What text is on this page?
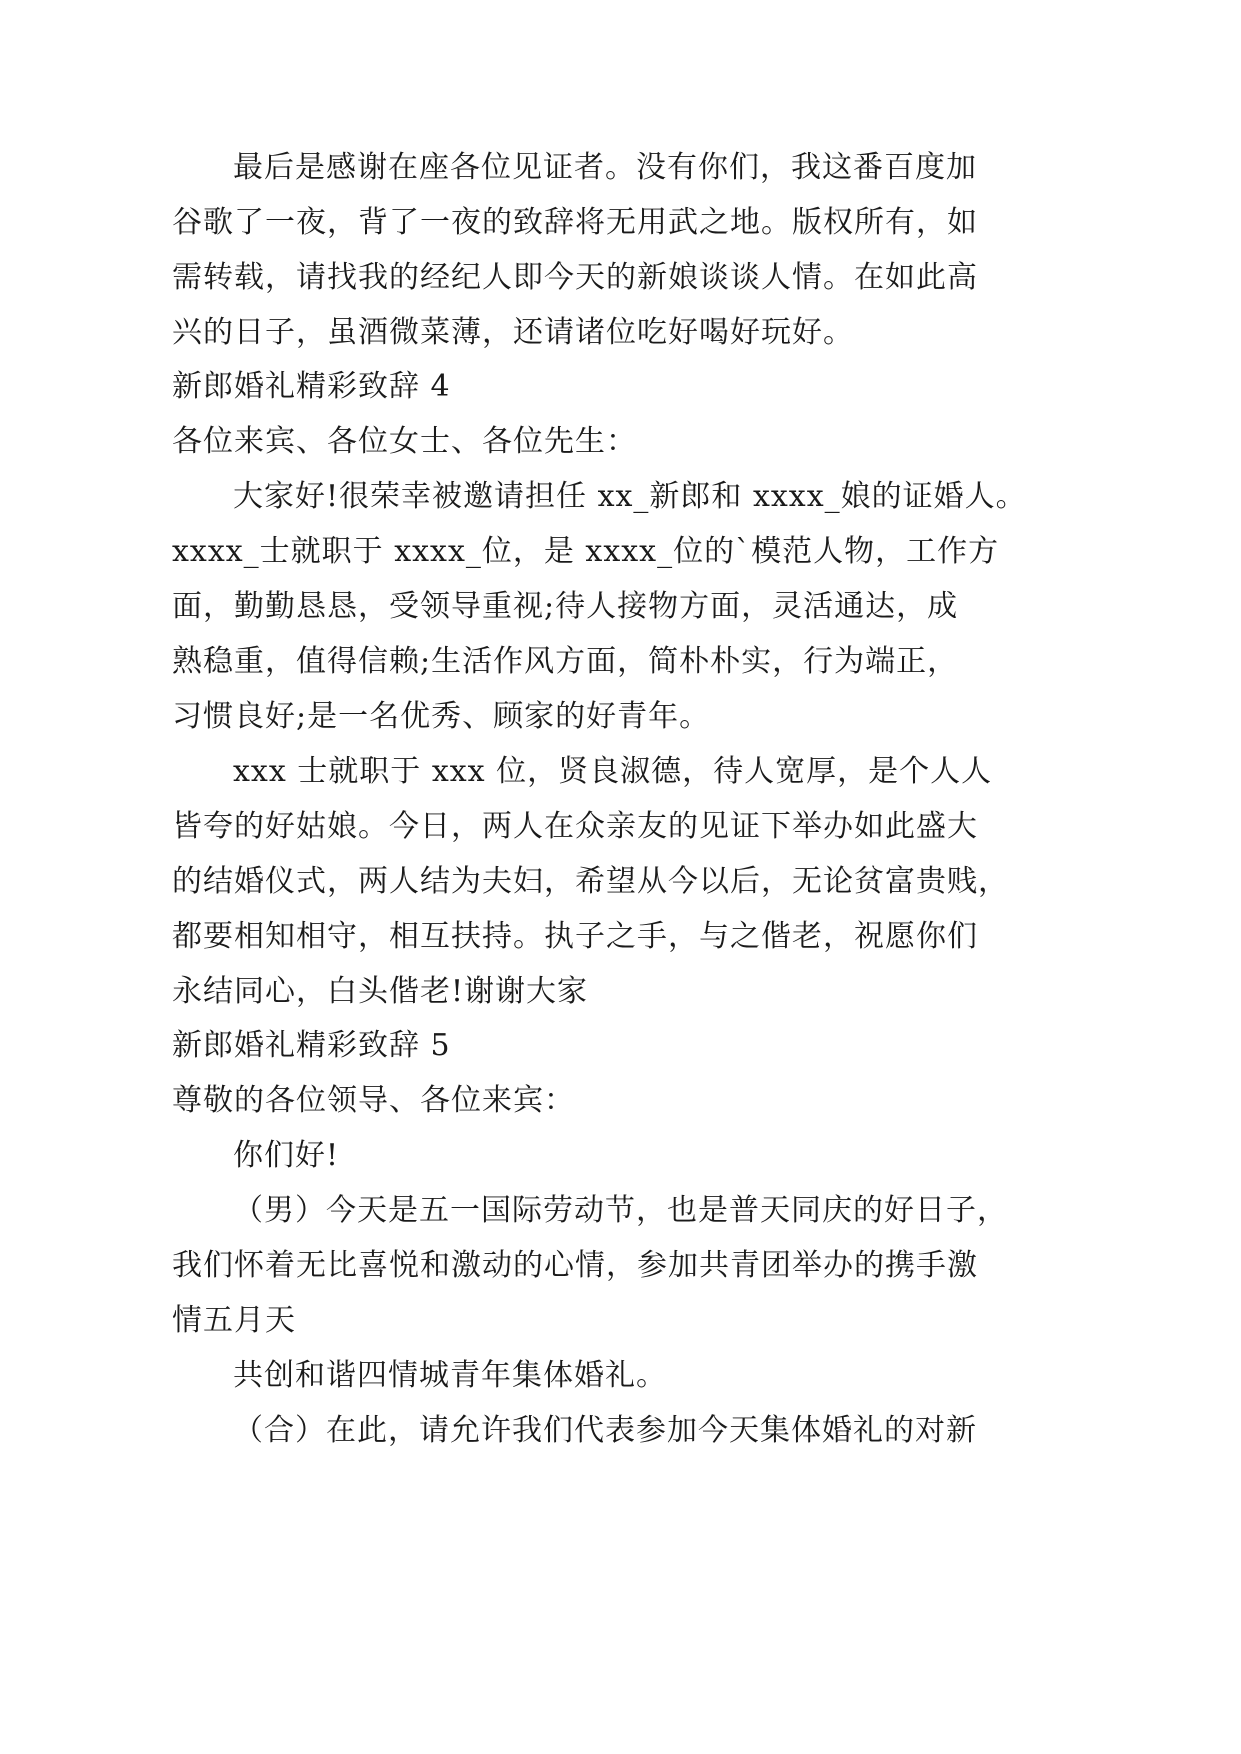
最后是感谢在座各位见证者。没有你们，我这番百度加
谷歌了一夜，背了一夜的致辞将无用武之地。版权所有，如
需转载，请找我的经纪人即今天的新娘谈谈人情。在如此高
兴的日子，虽酒微菜薄，还请诸位吃好喝好玩好。
新郎婚礼精彩致辞 4
各位来宾、各位女士、各位先生：
大家好!很荣幸被邀请担任 xx_新郎和 xxxx_娘的证婚人。
xxxx_士就职于 xxxx_位，是 xxxx_位的`模范人物，工作方
面，勤勤恳恳，受领导重视;待人接物方面，灵活通达，成
熟稳重，值得信赖;生活作风方面，简朴朴实，行为端正，
习惯良好;是一名优秀、顾家的好青年。
xxx 士就职于 xxx 位，贤良淑德，待人宽厚，是个人人
皆夸的好姑娘。今日，两人在众亲友的见证下举办如此盛大
的结婚仪式，两人结为夫妇，希望从今以后，无论贫富贵贱，
都要相知相守，相互扶持。执子之手，与之偕老，祝愿你们
永结同心，白头偕老!谢谢大家
新郎婚礼精彩致辞 5
尊敬的各位领导、各位来宾：
你们好!
（男）今天是五一国际劳动节，也是普天同庆的好日子，
我们怀着无比喜悦和激动的心情，参加共青团举办的携手激
情五月天
共创和谐四情城青年集体婚礼。
（合）在此，请允许我们代表参加今天集体婚礼的对新
